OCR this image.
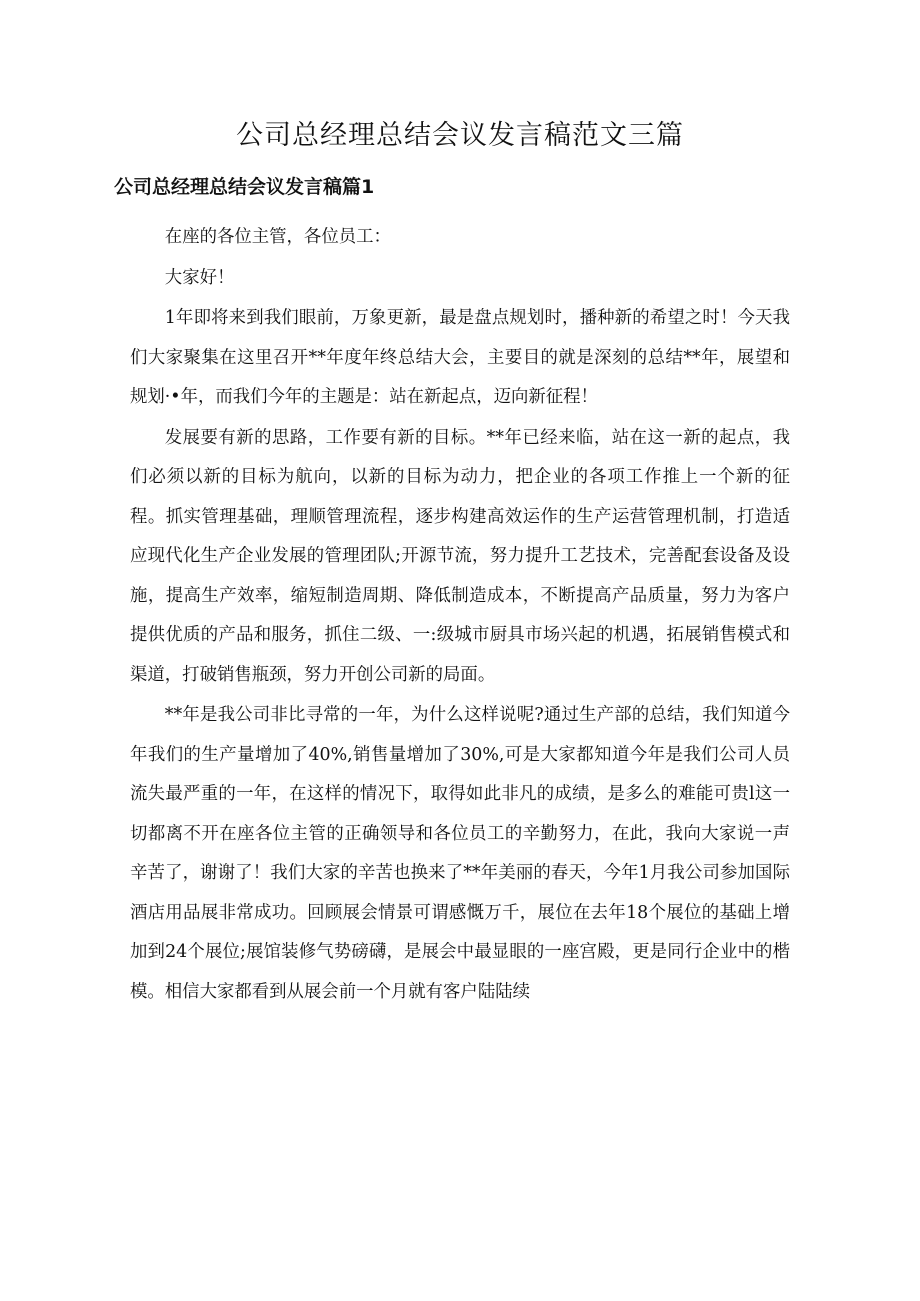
公司总经理总结会议发言稿范文三篇
公司总经理总结会议发言稿篇1

在座的各位主管，各位员工：

大家好！

1年即将来到我们眼前，万象更新，最是盘点规划时，播种新的希望之时！今天我们大家聚集在这里召开**年度年终总结大会，主要目的就是深刻的总结**年，展望和规划·•年，而我们今年的主题是：站在新起点，迈向新征程！

发展要有新的思路，工作要有新的目标。**年已经来临，站在这一新的起点，我们必须以新的目标为航向，以新的目标为动力，把企业的各项工作推上一个新的征程。抓实管理基础，理顺管理流程，逐步构建高效运作的生产运营管理机制，打造适应现代化生产企业发展的管理团队;开源节流，努力提升工艺技术，完善配套设备及设施，提高生产效率，缩短制造周期、降低制造成本，不断提高产品质量，努力为客户提供优质的产品和服务，抓住二级、一:级城市厨具市场兴起的机遇，拓展销售模式和渠道，打破销售瓶颈，努力开创公司新的局面。

**年是我公司非比寻常的一年，为什么这样说呢?通过生产部的总结，我们知道今年我们的生产量增加了40%,销售量增加了30%,可是大家都知道今年是我们公司人员流失最严重的一年，在这样的情况下，取得如此非凡的成绩，是多么的难能可贵l这一切都离不开在座各位主管的正确领导和各位员工的辛勤努力，在此，我向大家说一声辛苦了，谢谢了！我们大家的辛苦也换来了**年美丽的春天，今年1月我公司参加国际酒店用品展非常成功。回顾展会情景可谓感慨万千，展位在去年18个展位的基础上增加到24个展位;展馆装修气势磅礴，是展会中最显眼的一座宫殿，更是同行企业中的楷模。相信大家都看到从展会前一个月就有客户陆陆续
